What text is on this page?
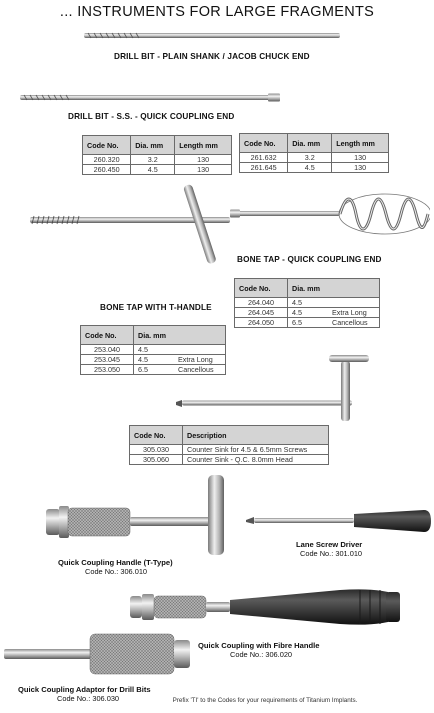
... INSTRUMENTS FOR LARGE FRAGMENTS
DRILL BIT - PLAIN SHANK / JACOB CHUCK END
DRILL BIT - S.S. - QUICK COUPLING END
Code No.	Dia. mm	Length mm
260.320	3.2	130
260.450	4.5	130
Code No.	Dia. mm	Length mm
261.632	3.2	130
261.645	4.5	130
BONE TAP - QUICK COUPLING END
Code No.	Dia. mm	
264.040	4.5	
264.045	4.5	Extra Long
264.050	6.5	Cancellous
BONE TAP WITH T-HANDLE
Code No.	Dia. mm	
253.040	4.5	
253.045	4.5	Extra Long
253.050	6.5	Cancellous
Code No.	Description
305.030	Counter Sink for 4.5 & 6.5mm Screws
305.060	Counter Sink - Q.C. 8.0mm Head
Quick Coupling Handle (T-Type)
Code No.: 306.010
Lane Screw Driver
Code No.: 301.010
Quick Coupling with Fibre Handle
Code No.: 306.020
Quick Coupling Adaptor for Drill Bits
Code No.: 306.030	Prefix 'TI' to the Codes for your requirements of Titanium Implants.
